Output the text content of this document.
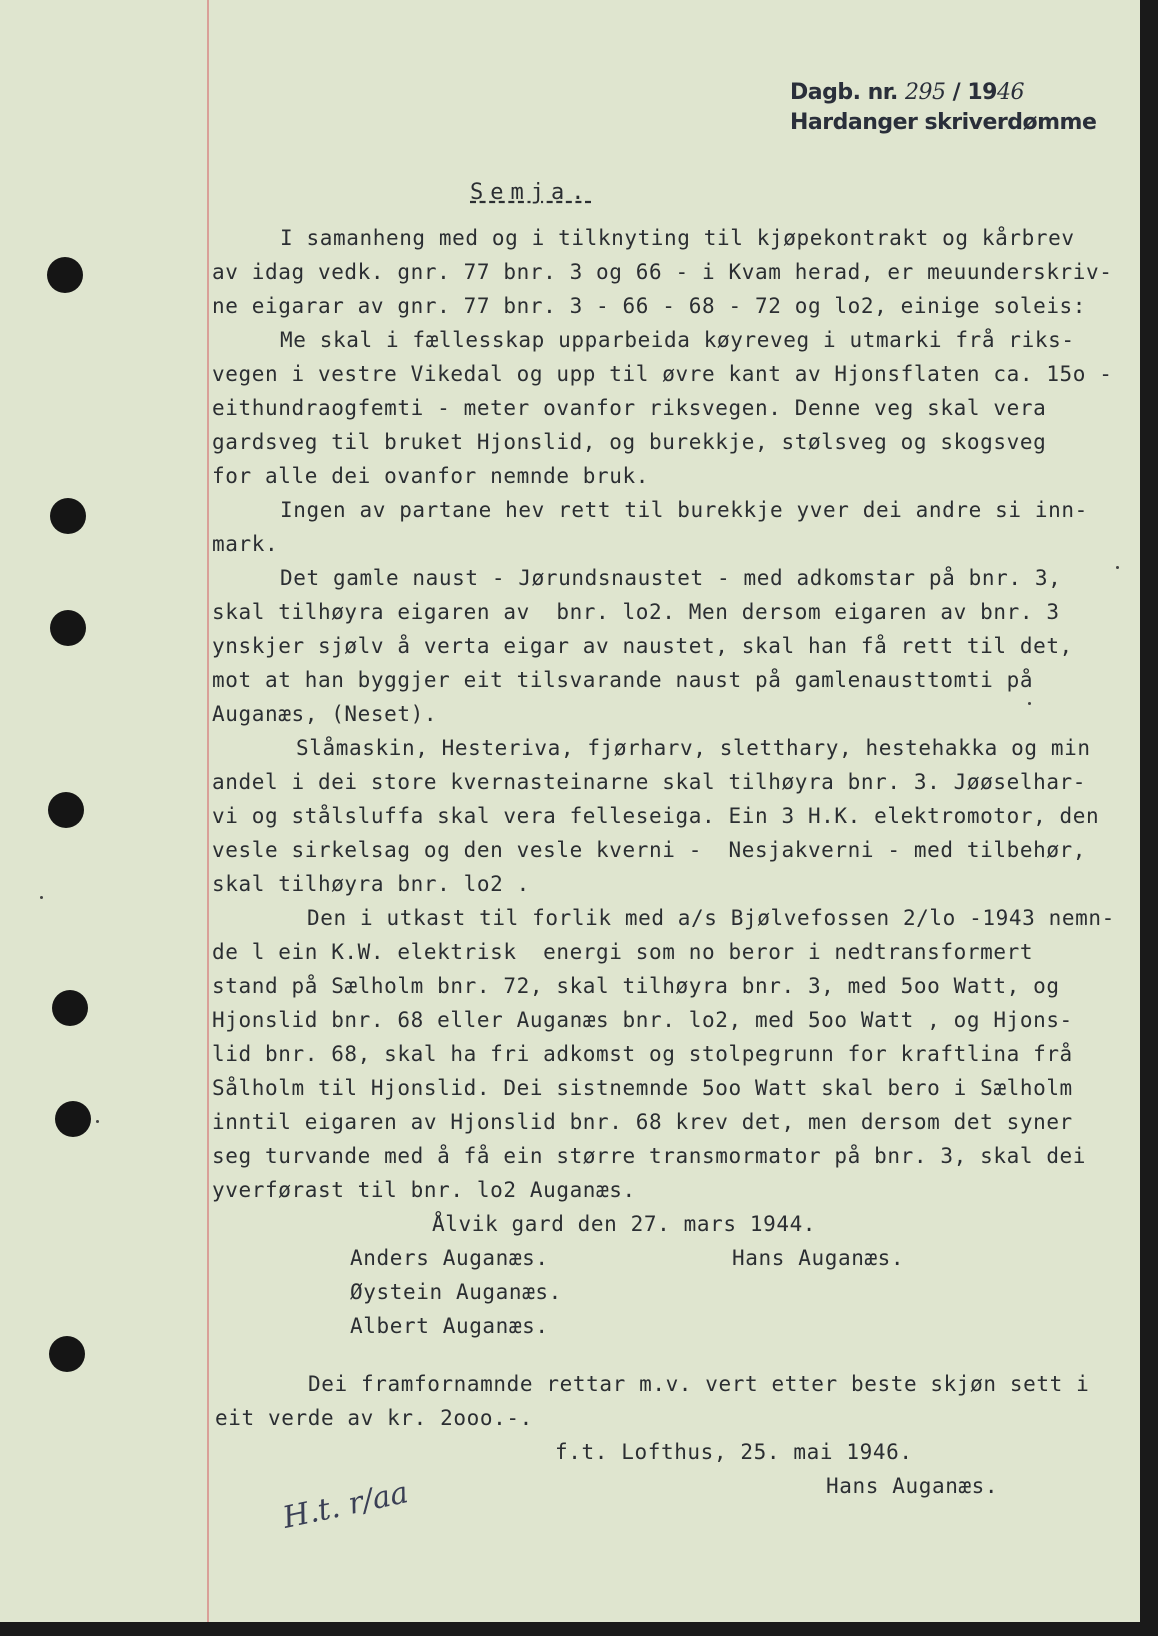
Dagb. nr. 295 / 1946
Hardanger skriverdømme
Semja.
I samanheng med og i tilknyting til kjøpekontrakt og kårbrev
av idag vedk. gnr. 77 bnr. 3 og 66 - i Kvam herad, er meuunderskriv-
ne eigarar av gnr. 77 bnr. 3 - 66 - 68 - 72 og lo2, einige soleis:
Me skal i fællesskap upparbeida køyreveg i utmarki frå riks-
vegen i vestre Vikedal og upp til øvre kant av Hjonsflaten ca. 15o -
eithundraogfemti - meter ovanfor riksvegen. Denne veg skal vera
gardsveg til bruket Hjonslid, og burekkje, stølsveg og skogsveg
for alle dei ovanfor nemnde bruk.
Ingen av partane hev rett til burekkje yver dei andre si inn-
mark.
Det gamle naust - Jørundsnaustet - med adkomstar på bnr. 3,
skal tilhøyra eigaren av  bnr. lo2. Men dersom eigaren av bnr. 3
ynskjer sjølv å verta eigar av naustet, skal han få rett til det,
mot at han byggjer eit tilsvarande naust på gamlenausttomti på
Auganæs, (Neset).
Slåmaskin, Hesteriva, fjørharv, sletthary, hestehakka og min
andel i dei store kvernasteinarne skal tilhøyra bnr. 3. Jøøselhar-
vi og stålsluffa skal vera felleseiga. Ein 3 H.K. elektromotor, den
vesle sirkelsag og den vesle kverni -  Nesjakverni - med tilbehør,
skal tilhøyra bnr. lo2 .
Den i utkast til forlik med a/s Bjølvefossen 2/lo -1943 nemn-
de l ein K.W. elektrisk  energi som no beror i nedtransformert
stand på Sælholm bnr. 72, skal tilhøyra bnr. 3, med 5oo Watt, og
Hjonslid bnr. 68 eller Auganæs bnr. lo2, med 5oo Watt , og Hjons-
lid bnr. 68, skal ha fri adkomst og stolpegrunn for kraftlina frå
Sålholm til Hjonslid. Dei sistnemnde 5oo Watt skal bero i Sælholm
inntil eigaren av Hjonslid bnr. 68 krev det, men dersom det syner
seg turvande med å få ein større transmormator på bnr. 3, skal dei
yverførast til bnr. lo2 Auganæs.
Ålvik gard den 27. mars 1944.
Anders Auganæs.	Hans Auganæs.
Øystein Auganæs.
Albert Auganæs.
Dei framfornamnde rettar m.v. vert etter beste skjøn sett i
eit verde av kr. 2ooo.-.
f.t. Lofthus, 25. mai 1946.
Hans Auganæs.
H.t. r/aa
